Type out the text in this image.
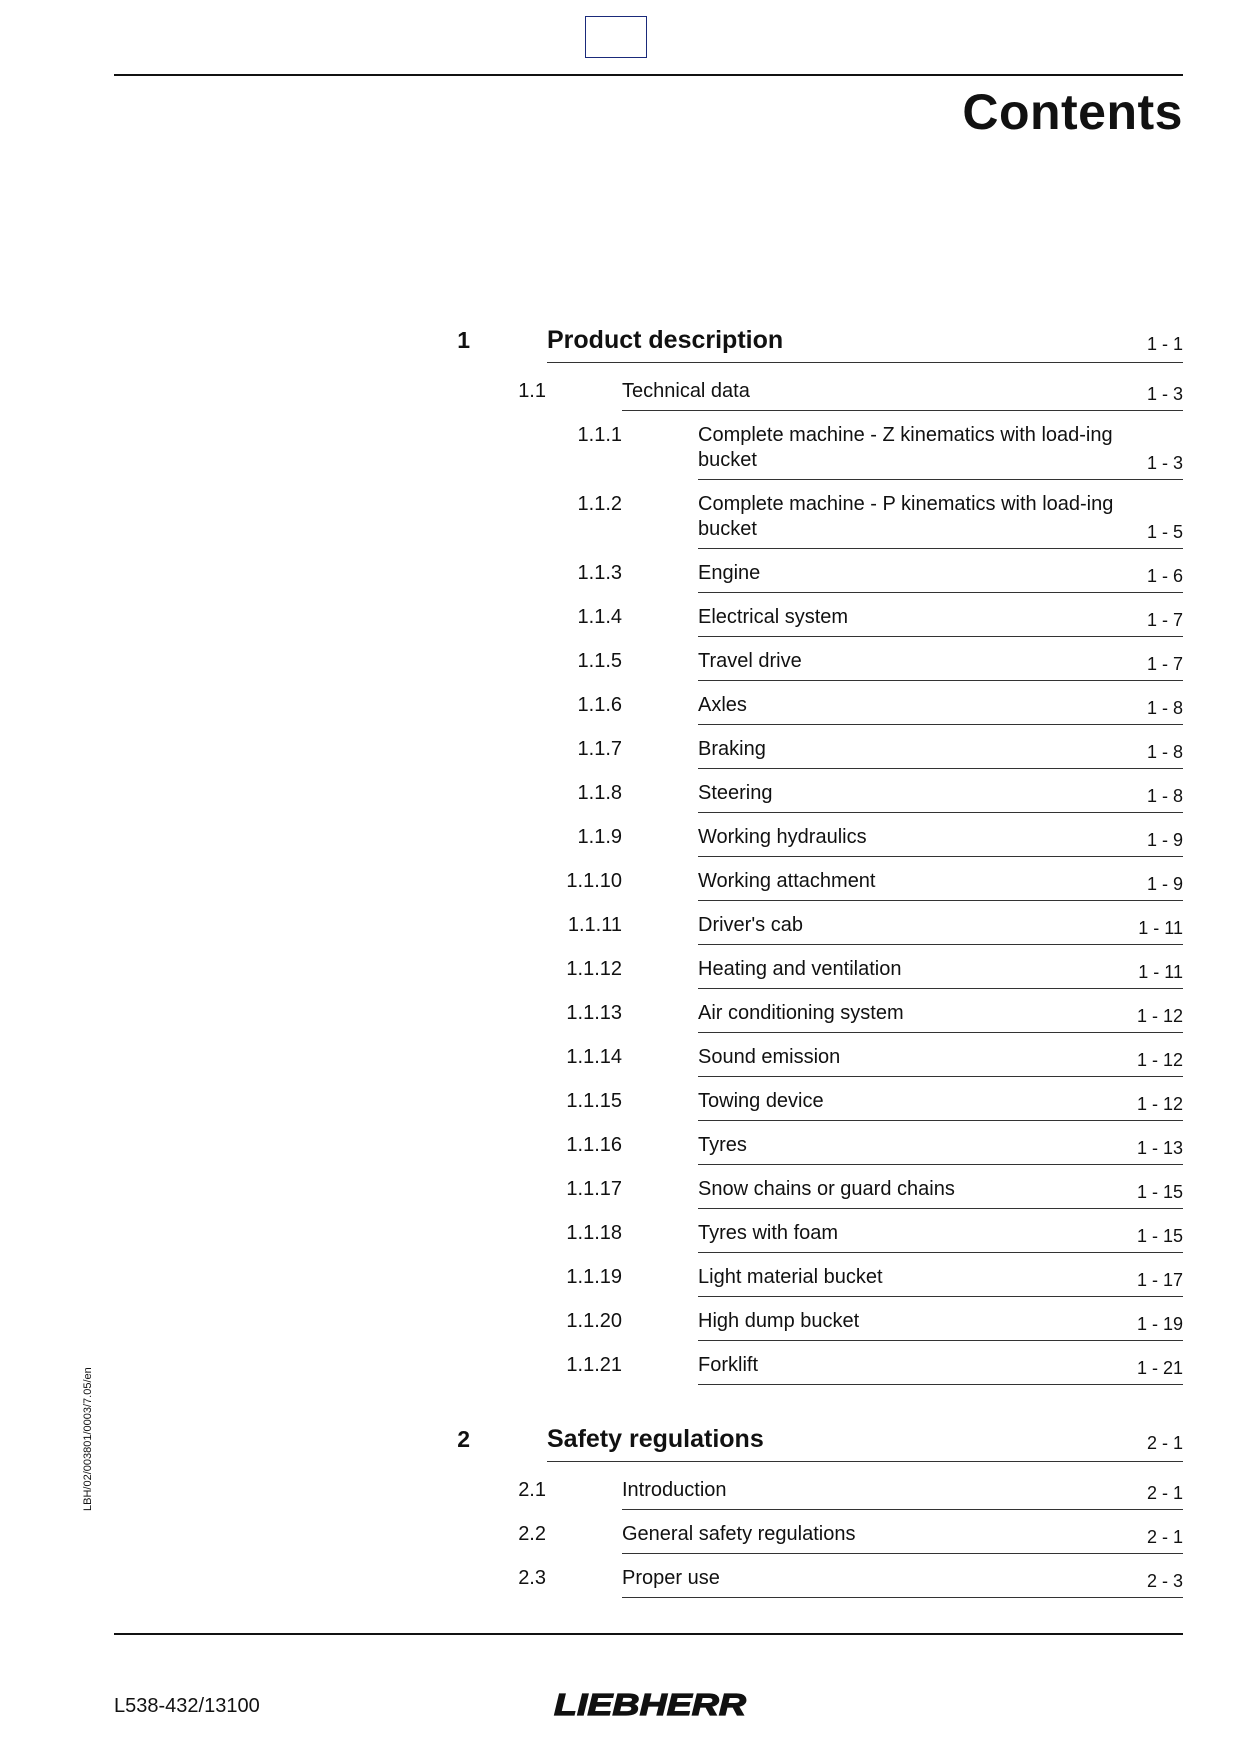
Contents
LBH/02/003801/0003/7.05/en
1	Product description	1 - 1
1.1	Technical data	1 - 3
1.1.1	Complete machine - Z kinematics with load-ing bucket	1 - 3
1.1.2	Complete machine - P kinematics with load-ing bucket	1 - 5
1.1.3	Engine	1 - 6
1.1.4	Electrical system	1 - 7
1.1.5	Travel drive	1 - 7
1.1.6	Axles	1 - 8
1.1.7	Braking	1 - 8
1.1.8	Steering	1 - 8
1.1.9	Working hydraulics	1 - 9
1.1.10	Working attachment	1 - 9
1.1.11	Driver's cab	1 - 11
1.1.12	Heating and ventilation	1 - 11
1.1.13	Air conditioning system	1 - 12
1.1.14	Sound emission	1 - 12
1.1.15	Towing device	1 - 12
1.1.16	Tyres	1 - 13
1.1.17	Snow chains or guard chains	1 - 15
1.1.18	Tyres with foam	1 - 15
1.1.19	Light material bucket	1 - 17
1.1.20	High dump bucket	1 - 19
1.1.21	Forklift	1 - 21
2	Safety regulations	2 - 1
2.1	Introduction	2 - 1
2.2	General safety regulations	2 - 1
2.3	Proper use	2 - 3
L538-432/13100	LIEBHERR
